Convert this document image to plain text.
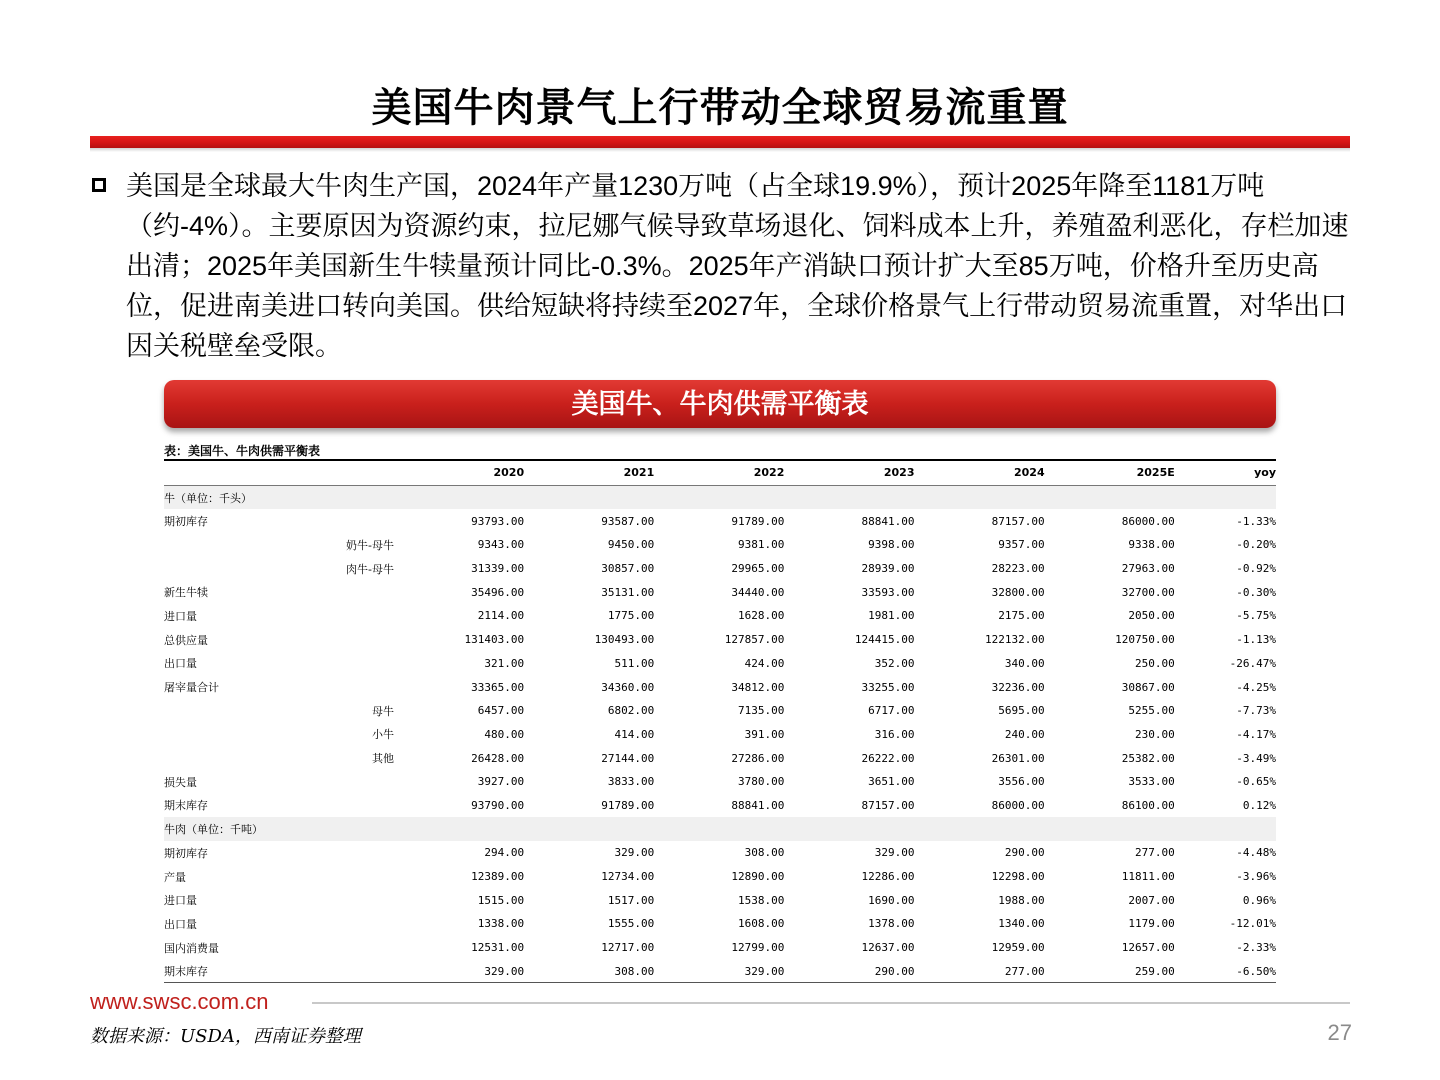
美国牛肉景气上行带动全球贸易流重置

美国是全球最大牛肉生产国，2024年产量1230万吨（占全球19.9%），预计2025年降至1181万吨（约-4%）。主要原因为资源约束，拉尼娜气候导致草场退化、饲料成本上升，养殖盈利恶化，存栏加速出清；2025年美国新生牛犊量预计同比-0.3%。2025年产消缺口预计扩大至85万吨，价格升至历史高位，促进南美进口转向美国。供给短缺将持续至2027年，全球价格景气上行带动贸易流重置，对华出口因关税壁垒受限。

美国牛、牛肉供需平衡表
表：美国牛、牛肉供需平衡表
	2020	2021	2022	2023	2024	2025E	yoy
牛（单位：千头）							
期初库存	93793.00	93587.00	91789.00	88841.00	87157.00	86000.00	-1.33%
奶牛-母牛	9343.00	9450.00	9381.00	9398.00	9357.00	9338.00	-0.20%
肉牛-母牛	31339.00	30857.00	29965.00	28939.00	28223.00	27963.00	-0.92%
新生牛犊	35496.00	35131.00	34440.00	33593.00	32800.00	32700.00	-0.30%
进口量	2114.00	1775.00	1628.00	1981.00	2175.00	2050.00	-5.75%
总供应量	131403.00	130493.00	127857.00	124415.00	122132.00	120750.00	-1.13%
出口量	321.00	511.00	424.00	352.00	340.00	250.00	-26.47%
屠宰量合计	33365.00	34360.00	34812.00	33255.00	32236.00	30867.00	-4.25%
母牛	6457.00	6802.00	7135.00	6717.00	5695.00	5255.00	-7.73%
小牛	480.00	414.00	391.00	316.00	240.00	230.00	-4.17%
其他	26428.00	27144.00	27286.00	26222.00	26301.00	25382.00	-3.49%
损失量	3927.00	3833.00	3780.00	3651.00	3556.00	3533.00	-0.65%
期末库存	93790.00	91789.00	88841.00	87157.00	86000.00	86100.00	0.12%
牛肉（单位：千吨）							
期初库存	294.00	329.00	308.00	329.00	290.00	277.00	-4.48%
产量	12389.00	12734.00	12890.00	12286.00	12298.00	11811.00	-3.96%
进口量	1515.00	1517.00	1538.00	1690.00	1988.00	2007.00	0.96%
出口量	1338.00	1555.00	1608.00	1378.00	1340.00	1179.00	-12.01%
国内消费量	12531.00	12717.00	12799.00	12637.00	12959.00	12657.00	-2.33%
期末库存	329.00	308.00	329.00	290.00	277.00	259.00	-6.50%
www.swsc.com.cn
数据来源：USDA，西南证券整理	27
